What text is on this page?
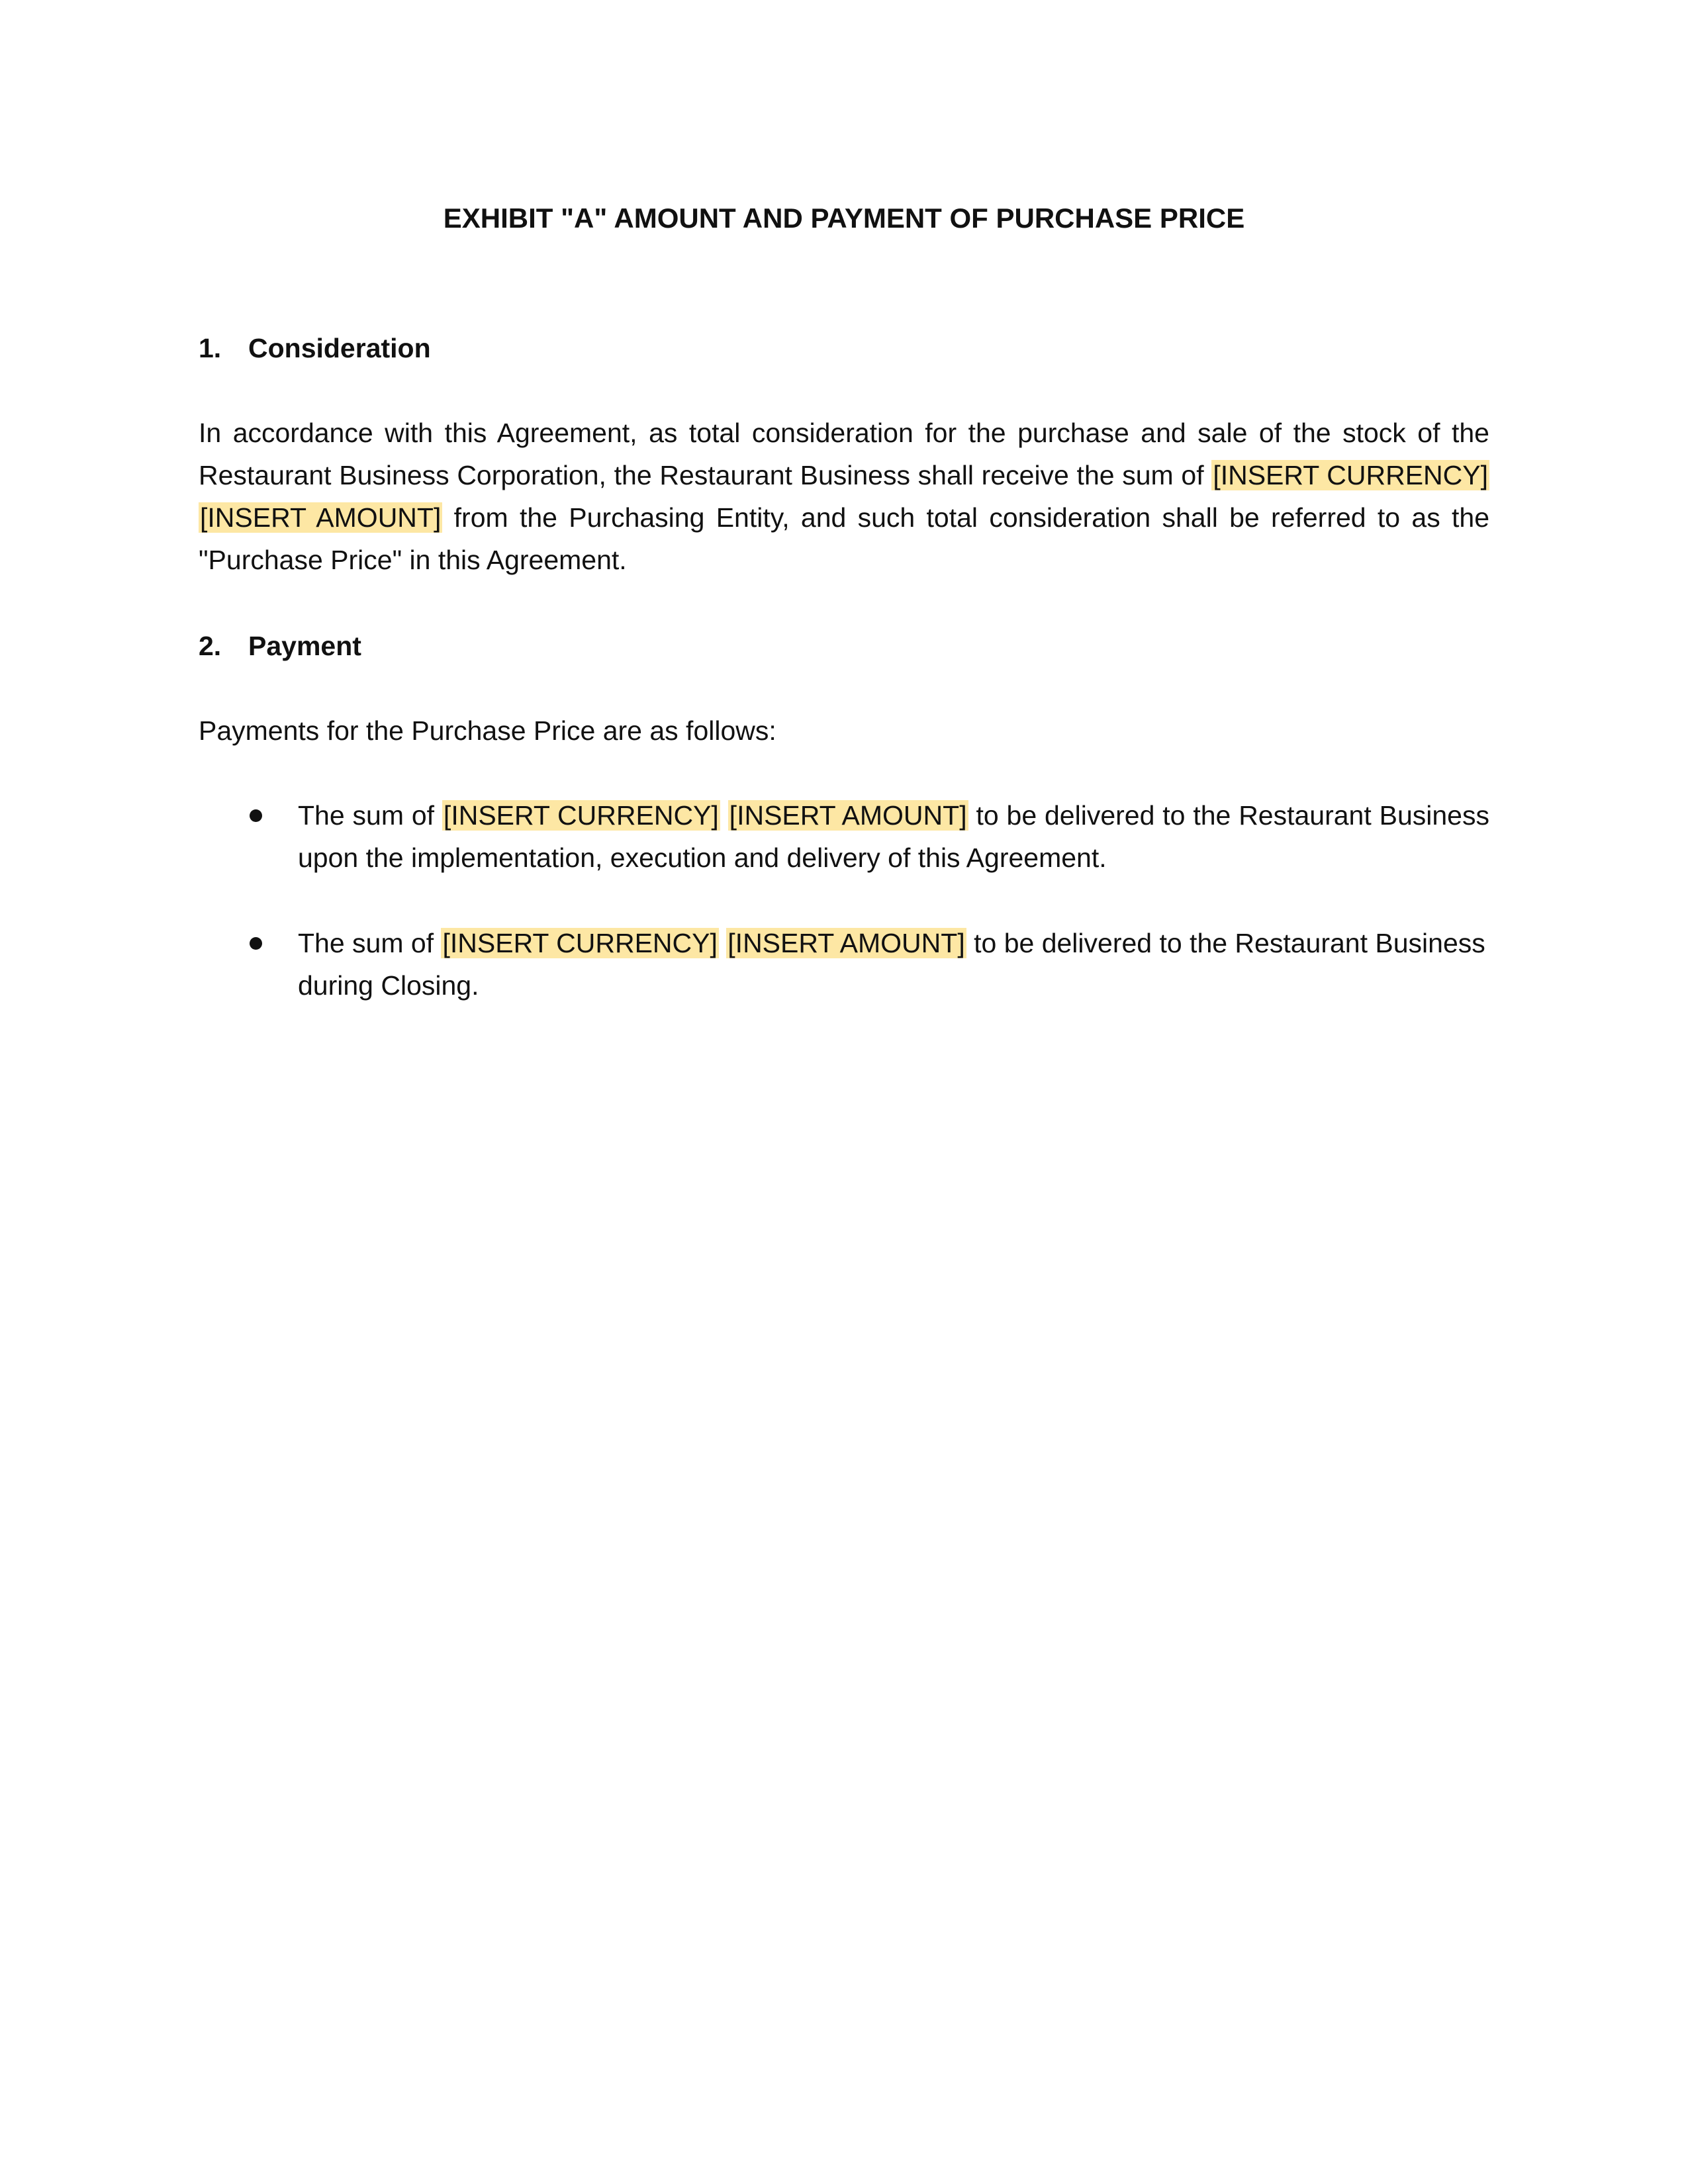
EXHIBIT "A" AMOUNT AND PAYMENT OF PURCHASE PRICE
1. Consideration
In accordance with this Agreement, as total consideration for the purchase and sale of the stock of the Restaurant Business Corporation, the Restaurant Business shall receive the sum of [INSERT CURRENCY] [INSERT AMOUNT] from the Purchasing Entity, and such total consideration shall be referred to as the "Purchase Price" in this Agreement.
2. Payment
Payments for the Purchase Price are as follows:
The sum of [INSERT CURRENCY] [INSERT AMOUNT] to be delivered to the Restaurant Business upon the implementation, execution and delivery of this Agreement.
The sum of [INSERT CURRENCY] [INSERT AMOUNT] to be delivered to the Restaurant Business during Closing.
